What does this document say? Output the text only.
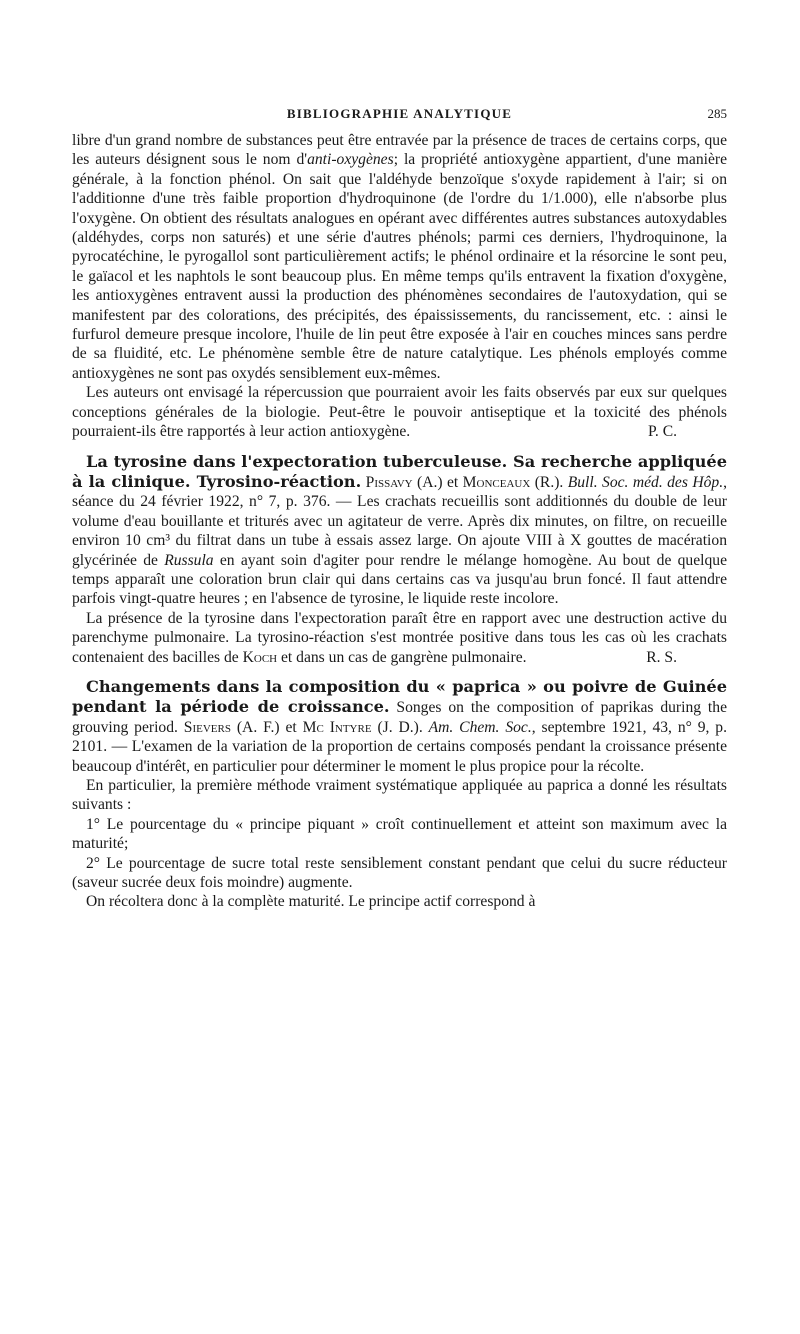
BIBLIOGRAPHIE ANALYTIQUE	285

libre d'un grand nombre de substances peut être entravée par la présence de traces de certains corps, que les auteurs désignent sous le nom d'anti-oxygènes; la propriété antioxygène appartient, d'une manière générale, à la fonction phénol. On sait que l'aldéhyde benzoïque s'oxyde rapidement à l'air; si on l'additionne d'une très faible proportion d'hydroquinone (de l'ordre du 1/1.000), elle n'absorbe plus l'oxygène. On obtient des résultats analogues en opérant avec différentes autres substances autoxydables (aldéhydes, corps non saturés) et une série d'autres phénols; parmi ces derniers, l'hydroquinone, la pyrocatéchine, le pyrogallol sont particulièrement actifs; le phénol ordinaire et la résorcine le sont peu, le gaïacol et les naphtols le sont beaucoup plus. En même temps qu'ils entravent la fixation d'oxygène, les antioxygènes entravent aussi la production des phénomènes secondaires de l'autoxydation, qui se manifestent par des colorations, des précipités, des épaississements, du rancissement, etc. : ainsi le furfurol demeure presque incolore, l'huile de lin peut être exposée à l'air en couches minces sans perdre de sa fluidité, etc. Le phénomène semble être de nature catalytique. Les phénols employés comme antioxygènes ne sont pas oxydés sensiblement eux-mêmes.

Les auteurs ont envisagé la répercussion que pourraient avoir les faits observés par eux sur quelques conceptions générales de la biologie. Peut-être le pouvoir antiseptique et la toxicité des phénols pourraient-ils être rapportés à leur action antioxygène.	P. C.

La tyrosine dans l'expectoration tuberculeuse. Sa recherche appliquée à la clinique. Tyrosino-réaction. Pissavy (A.) et Monceaux (R.). Bull. Soc. méd. des Hôp., séance du 24 février 1922, n° 7, p. 376. — Les crachats recueillis sont additionnés du double de leur volume d'eau bouillante et triturés avec un agitateur de verre. Après dix minutes, on filtre, on recueille environ 10 cm³ du filtrat dans un tube à essais assez large. On ajoute VIII à X gouttes de macération glycérinée de Russula en ayant soin d'agiter pour rendre le mélange homogène. Au bout de quelque temps apparaît une coloration brun clair qui dans certains cas va jusqu'au brun foncé. Il faut attendre parfois vingt-quatre heures ; en l'absence de tyrosine, le liquide reste incolore.

La présence de la tyrosine dans l'expectoration paraît être en rapport avec une destruction active du parenchyme pulmonaire. La tyrosino-réaction s'est montrée positive dans tous les cas où les crachats contenaient des bacilles de Koch et dans un cas de gangrène pulmonaire.	R. S.

Changements dans la composition du « paprica » ou poivre de Guinée pendant la période de croissance. Songes on the composition of paprikas during the grouving period. Sievers (A. F.) et Mc Intyre (J. D.). Am. Chem. Soc., septembre 1921, 43, n° 9, p. 2101. — L'examen de la variation de la proportion de certains composés pendant la croissance présente beaucoup d'intérêt, en particulier pour déterminer le moment le plus propice pour la récolte.

En particulier, la première méthode vraiment systématique appliquée au paprica a donné les résultats suivants :

1° Le pourcentage du « principe piquant » croît continuellement et atteint son maximum avec la maturité;

2° Le pourcentage de sucre total reste sensiblement constant pendant que celui du sucre réducteur (saveur sucrée deux fois moindre) augmente.

On récoltera donc à la complète maturité. Le principe actif correspond à
